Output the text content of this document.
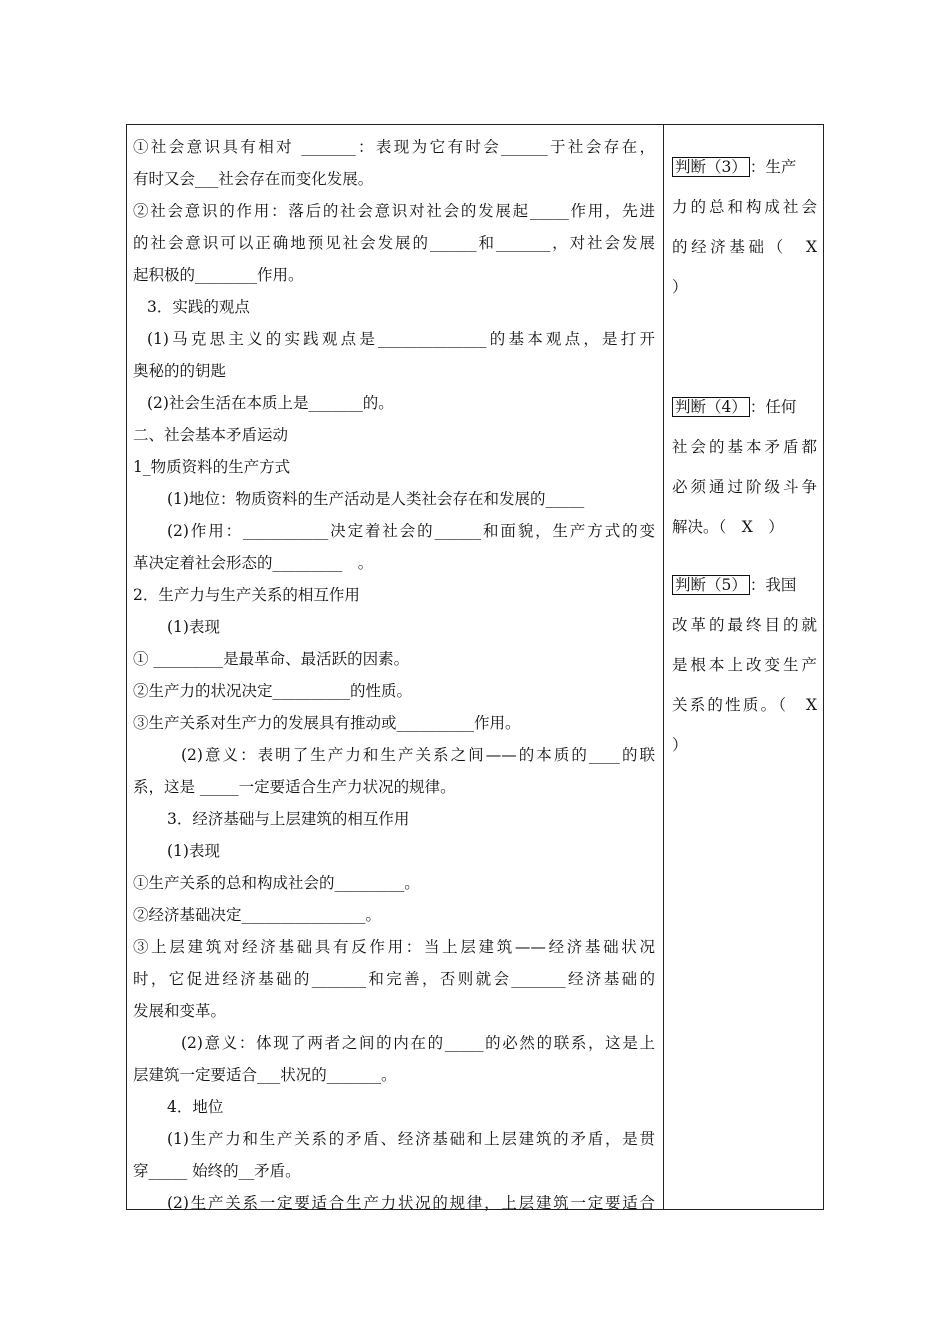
①社会意识具有相对 _______：表现为它有时会______于社会存在，
有时又会___社会存在而变化发展。
②社会意识的作用：落后的社会意识对社会的发展起_____作用，先进
的社会意识可以正确地预见社会发展的______和_______，对社会发展
起积极的________作用。
3．实践的观点
(1)马克思主义的实践观点是______________的基本观点，是打开
奥秘的的钥匙
(2)社会生活在本质上是_______的。
二、社会基本矛盾运动
1_物质资料的生产方式
(1)地位：物质资料的生产活动是人类社会存在和发展的_____
(2)作用：___________决定着社会的______和面貌，生产方式的变
革决定着社会形态的_________　。
2．生产力与生产关系的相互作用
(1)表现
① _________是最革命、最活跃的因素。
②生产力的状况决定__________的性质。
③生产关系对生产力的发展具有推动或__________作用。
(2)意义：表明了生产力和生产关系之间——的本质的____的联
系，这是 _____一定要适合生产力状况的规律。
3．经济基础与上层建筑的相互作用
(1)表现
①生产关系的总和构成社会的_________。
②经济基础决定________________。
③上层建筑对经济基础具有反作用：当上层建筑——经济基础状况
时，它促进经济基础的_______和完善，否则就会_______经济基础的
发展和变革。
(2)意义：体现了两者之间的内在的_____的必然的联系，这是上
层建筑一定要适合___状况的_______。
4．地位
(1)生产力和生产关系的矛盾、经济基础和上层建筑的矛盾，是贯
穿_____ 始终的__矛盾。
(2)生产关系一定要适合生产力状况的规律，上层建筑一定要适合
判断（3） ：生产
力的总和构成社会
的经济基础（　X
）
判断（4） ：任何
社会的基本矛盾都
必须通过阶级斗争
解决。（　X　）
判断（5） ：我国
改革的最终目的就
是根本上改变生产
关系的性质。（　X
）
